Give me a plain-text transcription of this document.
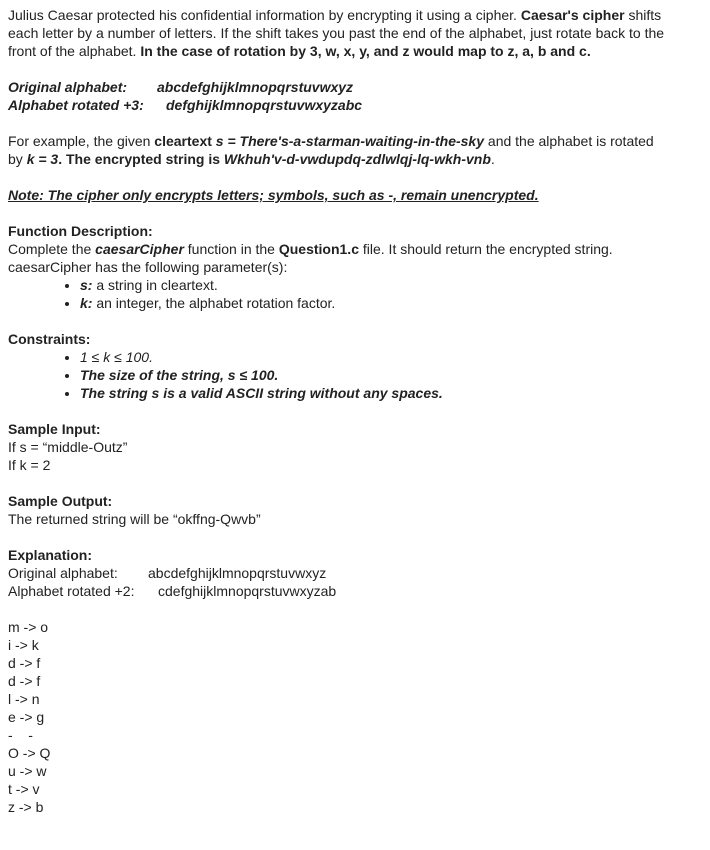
Julius Caesar protected his confidential information by encrypting it using a cipher. Caesar's cipher shifts each letter by a number of letters. If the shift takes you past the end of the alphabet, just rotate back to the front of the alphabet. In the case of rotation by 3, w, x, y, and z would map to z, a, b and c.

Original alphabet:	abcdefghijklmnopqrstuvwxyz
Alphabet rotated +3:	defghijklmnopqrstuvwxyzabc

For example, the given cleartext s = There's-a-starman-waiting-in-the-sky and the alphabet is rotated by k = 3. The encrypted string is Wkhuh'v-d-vwdupdq-zdlwlqj-lq-wkh-vnb.

Note: The cipher only encrypts letters; symbols, such as -, remain unencrypted.

Function Description:

Complete the caesarCipher function in the Question1.c file. It should return the encrypted string.

caesarCipher has the following parameter(s):

• s: a string in cleartext.
• k: an integer, the alphabet rotation factor.

Constraints:

• 1 ≤ k ≤ 100.
• The size of the string, s ≤ 100.
• The string s is a valid ASCII string without any spaces.

Sample Input:

If s = “middle-Outz”

If k = 2

Sample Output:

The returned string will be “okffng-Qwvb”

Explanation:

Original alphabet:	abcdefghijklmnopqrstuvwxyz
Alphabet rotated +2:	cdefghijklmnopqrstuvwxyzab

m -> o

i -> k

d -> f

d -> f

l -> n

e -> g

-    -

O -> Q

u -> w

t -> v

z -> b
